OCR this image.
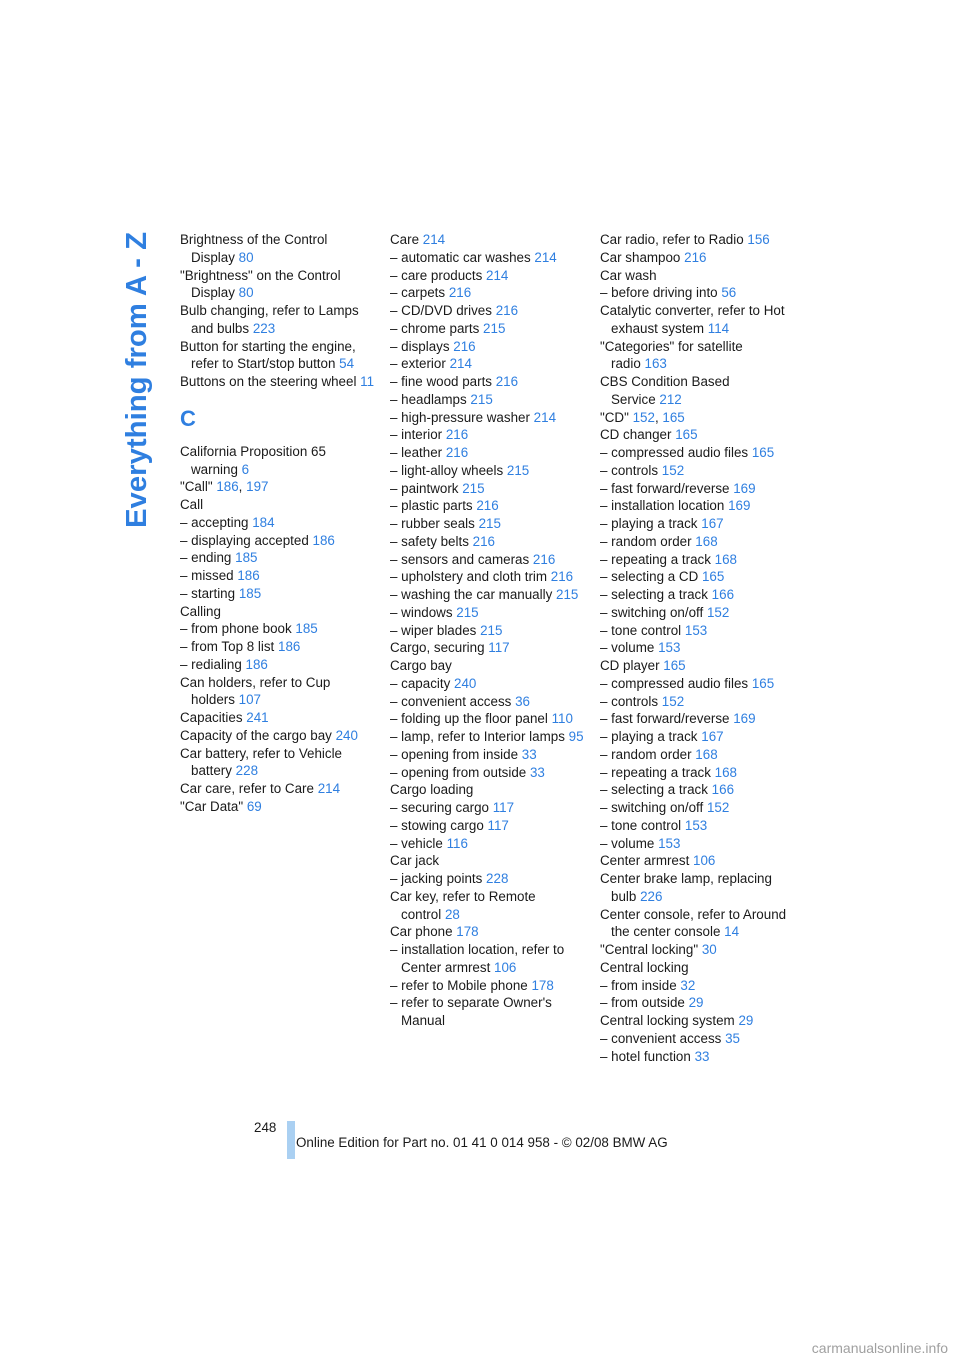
Everything from A - Z Brightness of the Control Display 80
"Brightness" on the Control Display 80
Bulb changing, refer to Lamps and bulbs 223
Button for starting the engine, refer to Start/stop button 54
Buttons on the steering wheel 11
C
California Proposition 65 warning 6
"Call" 186, 197
Call
– accepting 184
– displaying accepted 186
– ending 185
– missed 186
– starting 185
Calling
– from phone book 185
– from Top 8 list 186
– redialing 186
Can holders, refer to Cup holders 107
Capacities 241
Capacity of the cargo bay 240
Car battery, refer to Vehicle battery 228
Car care, refer to Care 214
"Car Data" 69
Care 214
– automatic car washes 214
– care products 214
– carpets 216
– CD/DVD drives 216
– chrome parts 215
– displays 216
– exterior 214
– fine wood parts 216
– headlamps 215
– high-pressure washer 214
– interior 216
– leather 216
– light-alloy wheels 215
– paintwork 215
– plastic parts 216
– rubber seals 215
– safety belts 216
– sensors and cameras 216
– upholstery and cloth trim 216
– washing the car manually 215
– windows 215
– wiper blades 215
Cargo, securing 117
Cargo bay
– capacity 240
– convenient access 36
– folding up the floor panel 110
– lamp, refer to Interior lamps 95
– opening from inside 33
– opening from outside 33
Cargo loading
– securing cargo 117
– stowing cargo 117
– vehicle 116
Car jack
– jacking points 228
Car key, refer to Remote control 28
Car phone 178
– installation location, refer to Center armrest 106
– refer to Mobile phone 178
– refer to separate Owner's Manual
Car radio, refer to Radio 156
Car shampoo 216
Car wash
– before driving into 56
Catalytic converter, refer to Hot exhaust system 114
"Categories" for satellite radio 163
CBS Condition Based Service 212
"CD" 152, 165
CD changer 165
– compressed audio files 165
– controls 152
– fast forward/reverse 169
– installation location 169
– playing a track 167
– random order 168
– repeating a track 168
– selecting a CD 165
– selecting a track 166
– switching on/off 152
– tone control 153
– volume 153
CD player 165
– compressed audio files 165
– controls 152
– fast forward/reverse 169
– playing a track 167
– random order 168
– repeating a track 168
– selecting a track 166
– switching on/off 152
– tone control 153
– volume 153
Center armrest 106
Center brake lamp, replacing bulb 226
Center console, refer to Around the center console 14
"Central locking" 30
Central locking
– from inside 32
– from outside 29
Central locking system 29
– convenient access 35
– hotel function 33
248
Online Edition for Part no. 01 41 0 014 958 - © 02/08 BMW AG
carmanualsonline.info
